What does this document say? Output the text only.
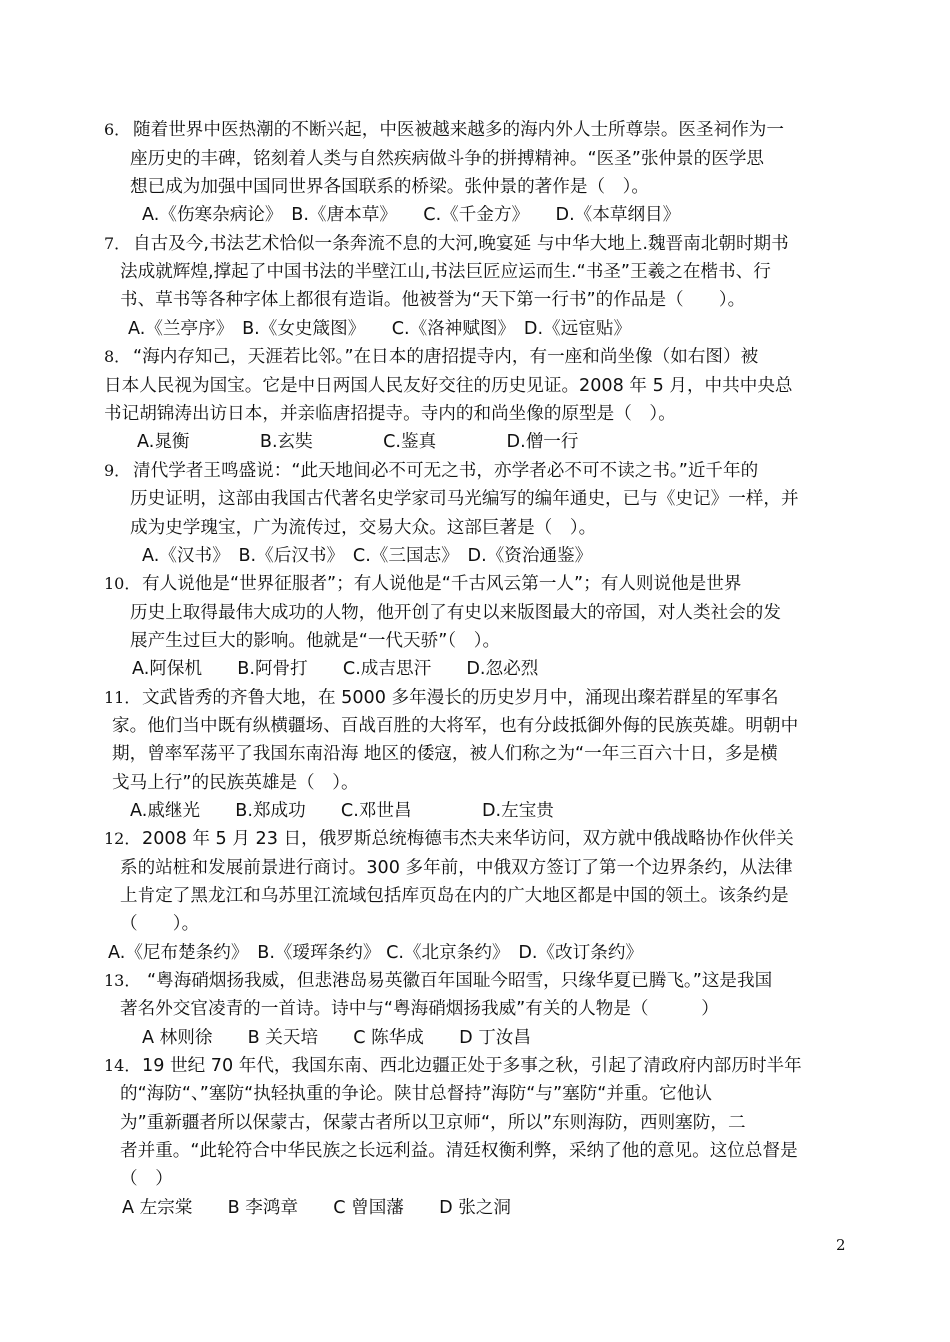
6． 随着世界中医热潮的不断兴起，中医被越来越多的海内外人士所尊崇。医圣祠作为一
座历史的丰碑，铭刻着人类与自然疾病做斗争的拼搏精神。“医圣”张仲景的医学思
想已成为加强中国同世界各国联系的桥梁。张仲景的著作是（　）。
A.《伤寒杂病论》　B.《唐本草》　　C.《千金方》　　D.《本草纲目》
7． 自古及今,书法艺术恰似一条奔流不息的大河,晚宴延 与中华大地上.魏晋南北朝时期书
法成就辉煌,撑起了中国书法的半壁江山,书法巨匠应运而生.“书圣”王羲之在楷书、行
书、草书等各种字体上都很有造诣。他被誉为“天下第一行书”的作品是（　　）。
A.《兰亭序》　B.《女史箴图》　　C.《洛神赋图》　D.《远宦贴》
8． “海内存知己，天涯若比邻。”在日本的唐招提寺内，有一座和尚坐像（如右图）被
日本人民视为国宝。它是中日两国人民友好交往的历史见证。2008 年 5 月，中共中央总
书记胡锦涛出访日本，并亲临唐招提寺。寺内的和尚坐像的原型是（　）。
A.晁衡　　　　B.玄奘　　　　C.鉴真　　　　D.僧一行
9． 清代学者王鸣盛说：“此天地间必不可无之书，亦学者必不可不读之书。”近千年的
历史证明，这部由我国古代著名史学家司马光编写的编年通史，已与《史记》一样，并
成为史学瑰宝，广为流传过，交易大众。这部巨著是（　）。
A.《汉书》　B.《后汉书》　C.《三国志》　D.《资治通鉴》
10． 有人说他是“世界征服者”；有人说他是“千古风云第一人”；有人则说他是世界
历史上取得最伟大成功的人物，他开创了有史以来版图最大的帝国，对人类社会的发
展产生过巨大的影响。他就是“一代天骄”（　）。
A.阿保机　　B.阿骨打　　C.成吉思汗　　D.忽必烈
11． 文武皆秀的齐鲁大地，在 5000 多年漫长的历史岁月中，涌现出璨若群星的军事名
家。他们当中既有纵横疆场、百战百胜的大将军，也有分歧抵御外侮的民族英雄。明朝中
期，曾率军荡平了我国东南沿海 地区的倭寇，被人们称之为“一年三百六十日，多是横
戈马上行”的民族英雄是（　）。
A.戚继光　　B.郑成功　　C.邓世昌　　　　D.左宝贵
12． 2008 年 5 月 23 日，俄罗斯总统梅德韦杰夫来华访问，双方就中俄战略协作伙伴关
系的站桩和发展前景进行商讨。300 多年前，中俄双方签订了第一个边界条约，从法律
上肯定了黑龙江和乌苏里江流域包括库页岛在内的广大地区都是中国的领土。该条约是
（　　）。
A.《尼布楚条约》　B.《瑷珲条约》 C.《北京条约》　D.《改订条约》
13． “粤海硝烟扬我威，但悲港岛易英徽百年国耻今昭雪，只缘华夏已腾飞。”这是我国
著名外交官凌青的一首诗。诗中与“粤海硝烟扬我威”有关的人物是（　　　）
A 林则徐　　B 关天培　　C 陈华成　　D 丁汝昌
14． 19 世纪 70 年代，我国东南、西北边疆正处于多事之秋，引起了清政府内部历时半年
的“海防“、”塞防“执轻执重的争论。陕甘总督持”海防“与”塞防“并重。它他认
为”重新疆者所以保蒙古，保蒙古者所以卫京师“，所以”东则海防，西则塞防，二
者并重。“此轮符合中华民族之长远利益。清廷权衡利弊，采纳了他的意见。这位总督是
（　）
A 左宗棠　　B 李鸿章　　C 曾国藩　　D 张之洞
2
